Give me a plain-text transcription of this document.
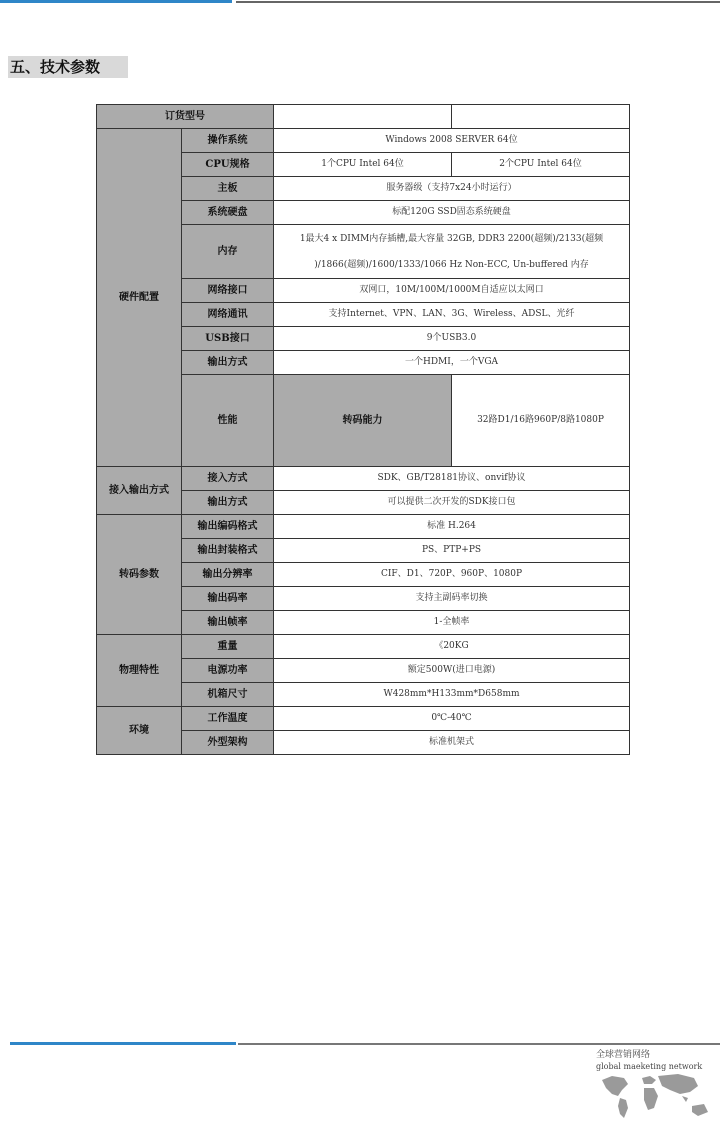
五、技术参数
订货型号				
硬件配置	操作系统	Windows 2008 SERVER 64位		
	CPU规格	1个CPU Intel 64位	2个CPU Intel 64位	
	主板	服务器级（支持7x24小时运行）		
	系统硬盘	标配120G SSD固态系统硬盘		
	内存	1最大4 x DIMM内存插槽,最大容量 32GB, DDR3 2200(超频)/2133(超频
)/1866(超频)/1600/1333/1066 Hz Non-ECC, Un-buffered 内存		

	网络接口	双网口，10M/100M/1000M自适应以太网口		
	网络通讯	支持Internet、VPN、LAN、3G、Wireless、ADSL、光纤		
	USB接口	9个USB3.0		
	输出方式	一个HDMI，一个VGA		
	性能	转码能力	32路D1/16路960P/8路1080P	
接入输出方式	接入方式	SDK、GB/T28181协议、onvif协议		
	输出方式	可以提供二次开发的SDK接口包		
转码参数	输出编码格式	标准 H.264		
	输出封装格式	PS、PTP+PS		
	输出分辨率	CIF、D1、720P、960P、1080P		
	输出码率	支持主副码率切换		
	输出帧率	1-全帧率		
物理特性	重量	《20KG		
	电源功率	额定500W(进口电源)		
	机箱尺寸	W428mm*H133mm*D658mm		
环境	工作温度	0℃-40℃		
	外型架构	标准机架式		
全球营销网络
global maeketing network
